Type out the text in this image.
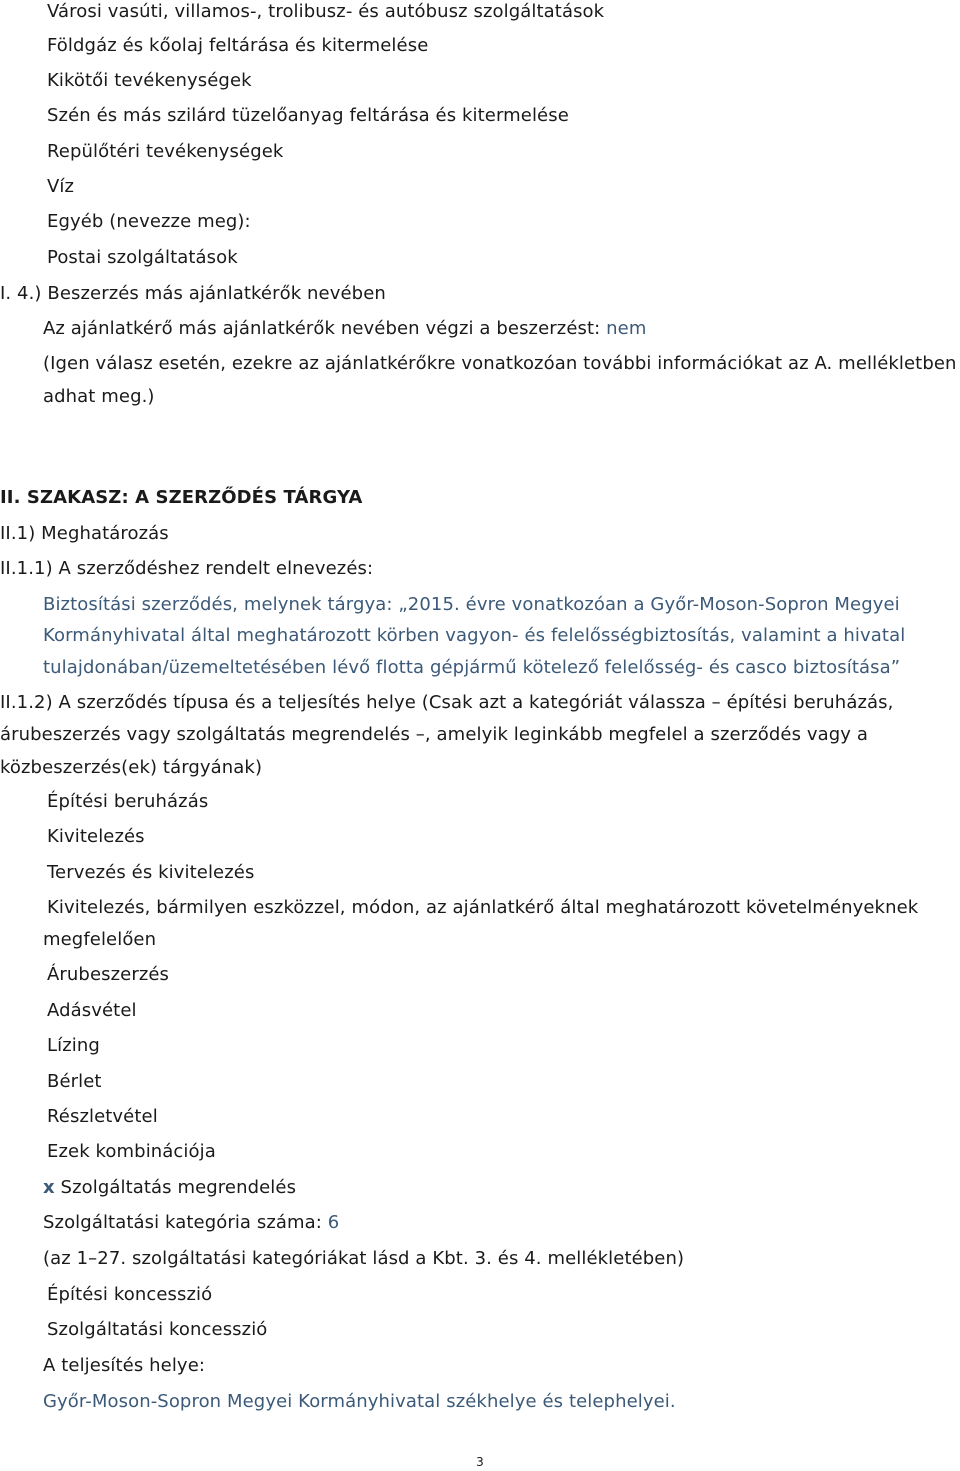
Városi vasúti, villamos-, trolibusz- és autóbusz szolgáltatások
Földgáz és kőolaj feltárása és kitermelése
Kikötői tevékenységek
Szén és más szilárd tüzelőanyag feltárása és kitermelése
Repülőtéri tevékenységek
Víz
Egyéb (nevezze meg):
Postai szolgáltatások
I. 4.) Beszerzés más ajánlatkérők nevében
Az ajánlatkérő más ajánlatkérők nevében végzi a beszerzést: nem
(Igen válasz esetén, ezekre az ajánlatkérőkre vonatkozóan további információkat az A. mellékletben
adhat meg.)
II. SZAKASZ: A SZERZŐDÉS TÁRGYA
II.1) Meghatározás
II.1.1) A szerződéshez rendelt elnevezés:
Biztosítási szerződés, melynek tárgya: „2015. évre vonatkozóan a Győr-Moson-Sopron Megyei
Kormányhivatal által meghatározott körben vagyon- és felelősségbiztosítás, valamint a hivatal
tulajdonában/üzemeltetésében lévő flotta gépjármű kötelező felelősség- és casco biztosítása”
II.1.2) A szerződés típusa és a teljesítés helye (Csak azt a kategóriát válassza – építési beruházás,
árubeszerzés vagy szolgáltatás megrendelés –, amelyik leginkább megfelel a szerződés vagy a
közbeszerzés(ek) tárgyának)
Építési beruházás
Kivitelezés
Tervezés és kivitelezés
Kivitelezés, bármilyen eszközzel, módon, az ajánlatkérő által meghatározott követelményeknek
megfelelően
Árubeszerzés
Adásvétel
Lízing
Bérlet
Részletvétel
Ezek kombinációja
x Szolgáltatás megrendelés
Szolgáltatási kategória száma: 6
(az 1–27. szolgáltatási kategóriákat lásd a Kbt. 3. és 4. mellékletében)
Építési koncesszió
Szolgáltatási koncesszió
A teljesítés helye:
Győr-Moson-Sopron Megyei Kormányhivatal székhelye és telephelyei.
3
